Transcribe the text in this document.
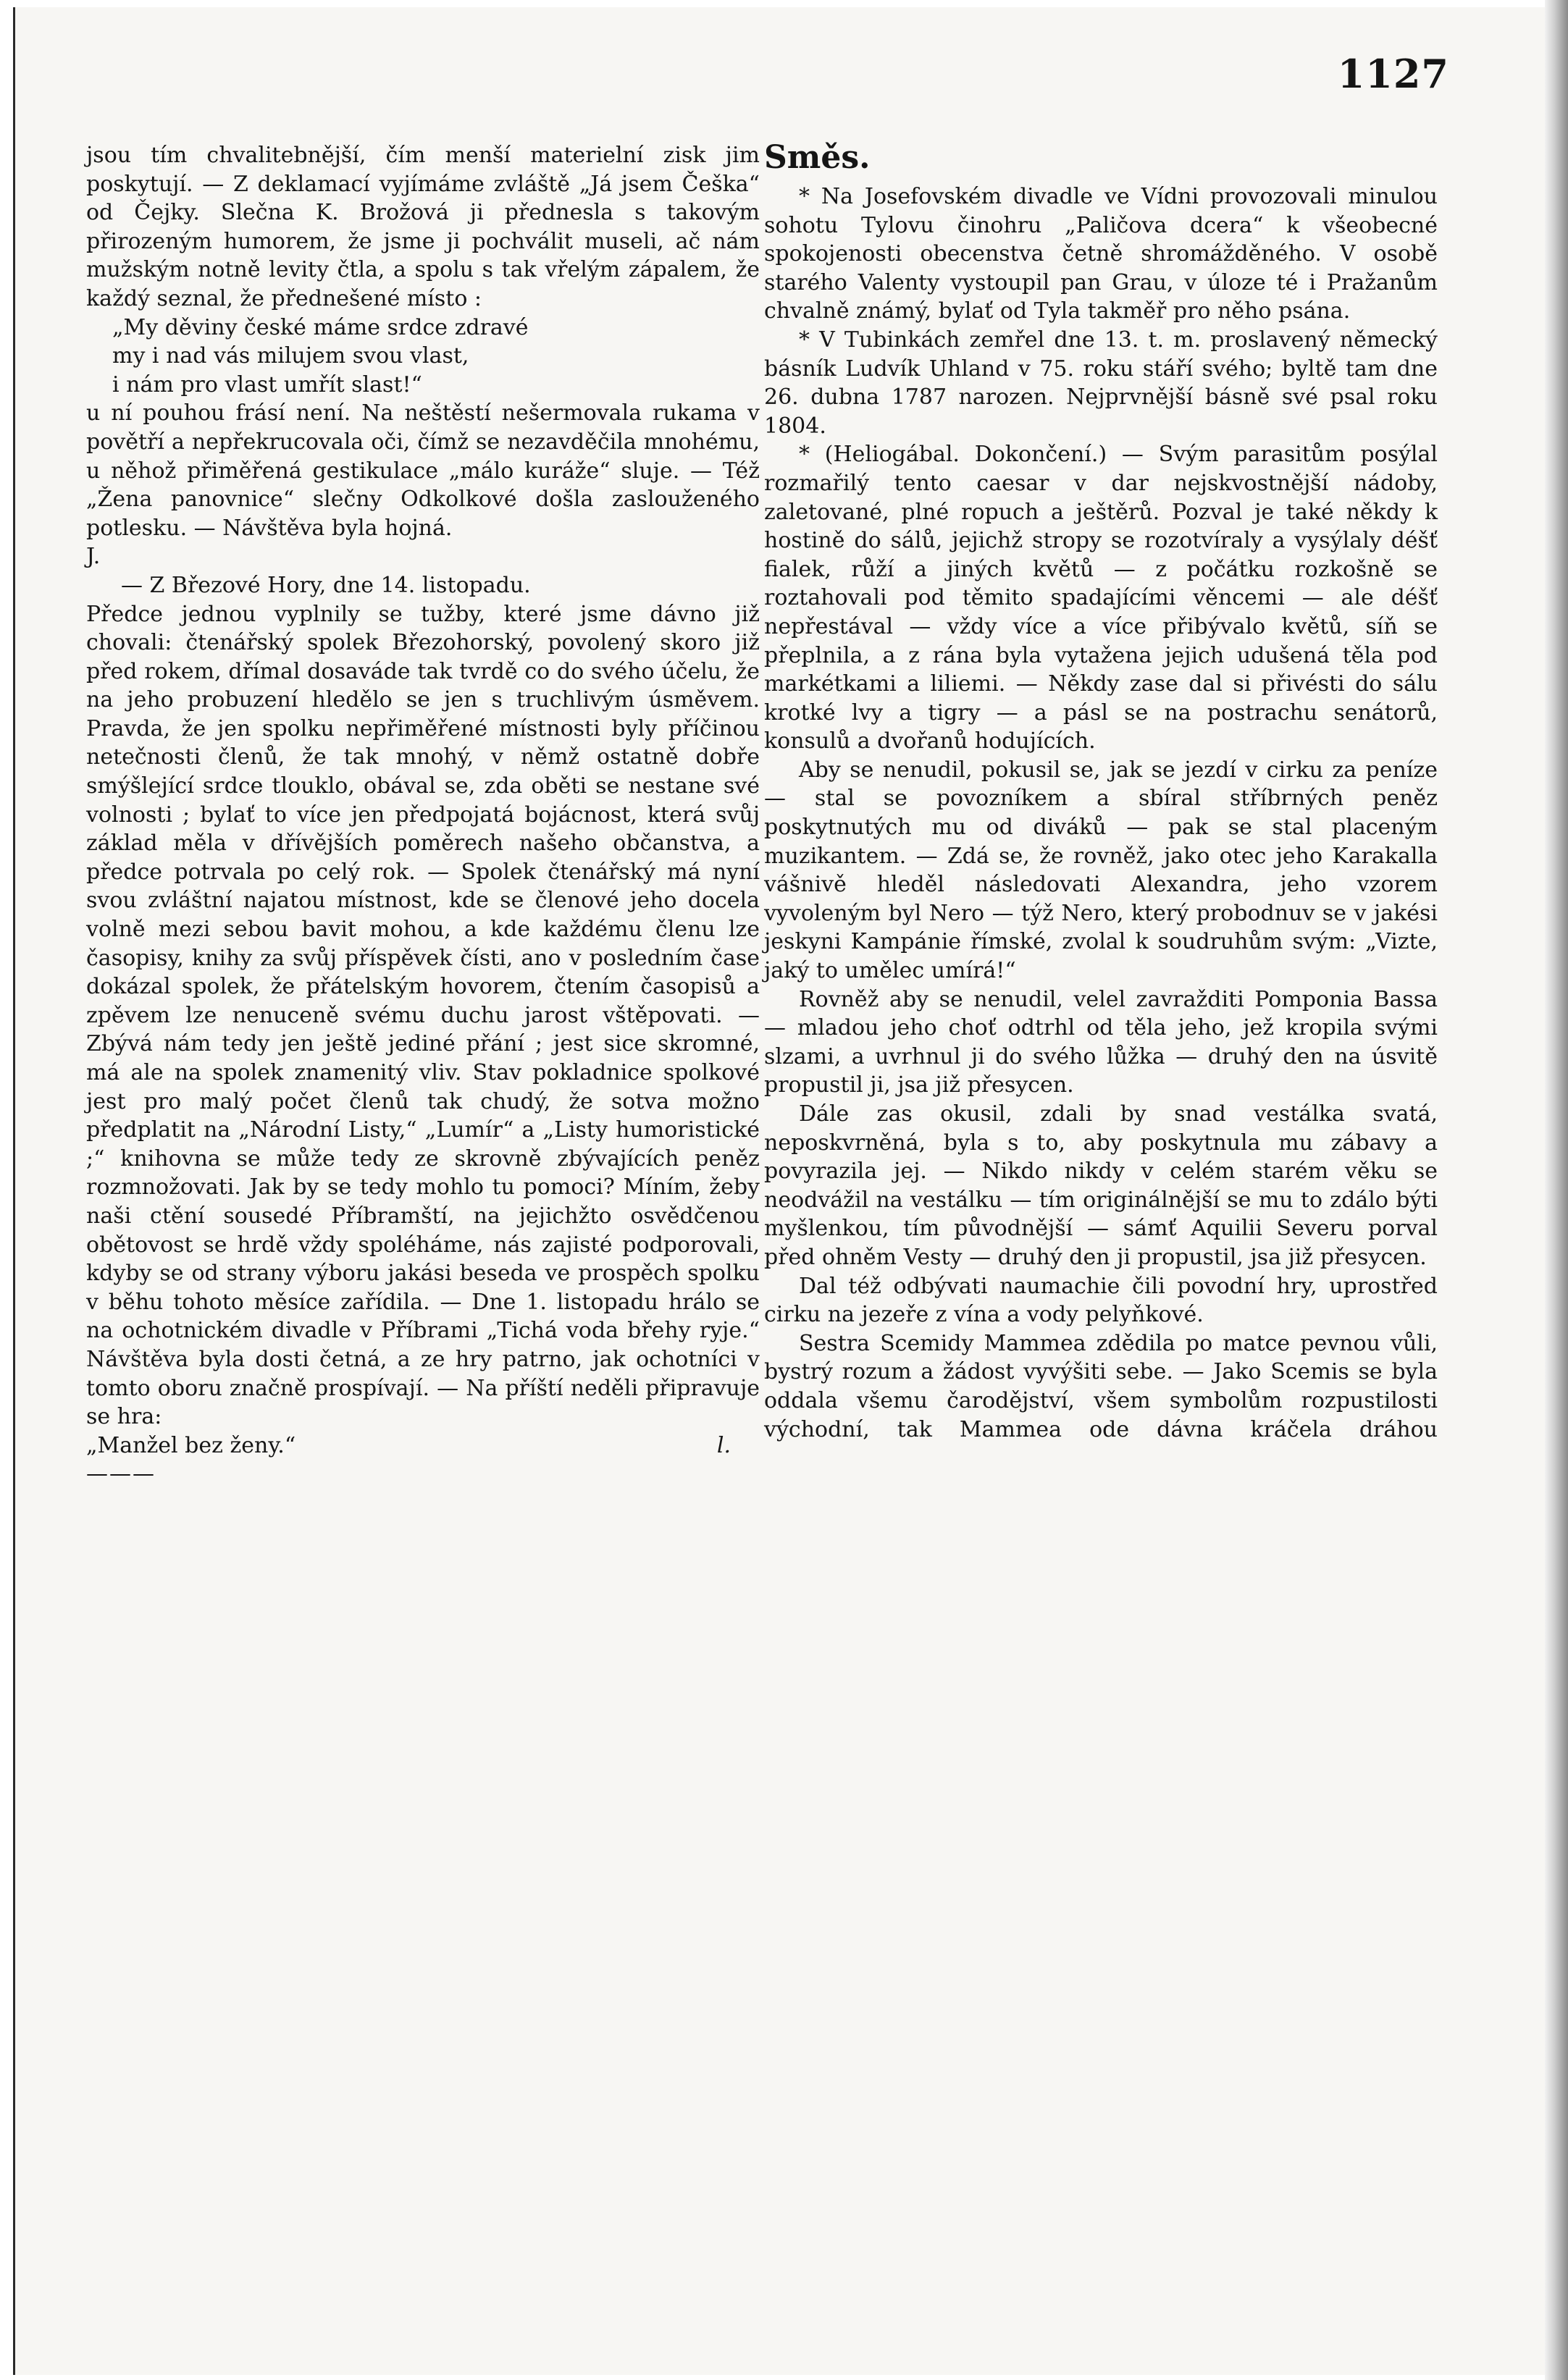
1127

jsou tím chvalitebnější, čím menší materielní zisk jim poskytují. — Z deklamací vyjímáme zvláště „Já jsem Češka“ od Čejky. Slečna K. Brožová ji přednesla s takovým přirozeným humorem, že jsme ji pochválit museli, ač nám mužským notně levity čtla, a spolu s tak vřelým zápalem, že každý seznal, že přednešené místo :

„My děviny české máme srdce zdravé
my i nad vás milujem svou vlast,
i nám pro vlast umřít slast!“

u ní pouhou frásí není. Na neštěstí nešermovala rukama v povětří a nepřekrucovala oči, čímž se nezavděčila mnohému, u něhož přiměřená gestikulace „málo kuráže“ sluje. — Též „Žena panovnice“ slečny Odkolkové došla zaslouženého potlesku. — Návštěva byla hojná.

J.

— Z Březové Hory, dne 14. listopadu.

Předce jednou vyplnily se tužby, které jsme dávno již chovali: čtenářský spolek Březohorský, povolený skoro již před rokem, dřímal dosaváde tak tvrdě co do svého účelu, že na jeho probuzení hledělo se jen s truchlivým úsměvem. Pravda, že jen spolku nepřiměřené místnosti byly příčinou netečnosti členů, že tak mnohý, v němž ostatně dobře smýšlející srdce tlouklo, obával se, zda oběti se nestane své volnosti ; bylať to více jen předpojatá bojácnost, která svůj základ měla v dřívějších poměrech našeho občanstva, a předce potrvala po celý rok. — Spolek čtenářský má nyní svou zvláštní najatou místnost, kde se členové jeho docela volně mezi sebou bavit mohou, a kde každému členu lze časopisy, knihy za svůj příspěvek čísti, ano v posledním čase dokázal spolek, že přátelským hovorem, čtením časopisů a zpěvem lze nenuceně svému duchu jarost vštěpovati. — Zbývá nám tedy jen ještě jediné přání ; jest sice skromné, má ale na spolek znamenitý vliv. Stav pokladnice spolkové jest pro malý počet členů tak chudý, že sotva možno předplatit na „Národní Listy,“ „Lumír“ a „Listy humoristické ;“ knihovna se může tedy ze skrovně zbývajících peněz rozmnožovati. Jak by se tedy mohlo tu pomoci? Míním, žeby naši ctění sousedé Příbramští, na jejichžto osvědčenou obětovost se hrdě vždy spoléháme, nás zajisté podporovali, kdyby se od strany výboru jakási beseda ve prospěch spolku v běhu tohoto měsíce zařídila. — Dne 1. listopadu hrálo se na ochotnickém divadle v Příbrami „Tichá voda břehy ryje.“ Návštěva byla dosti četná, a ze hry patrno, jak ochotníci v tomto oboru značně prospívají. — Na příští neděli připravuje se hra:

„Manžel bez ženy.“	l.

———

Směs.

* Na Josefovském divadle ve Vídni provozovali minulou sohotu Tylovu činohru „Paličova dcera“ k všeobecné spokojenosti obecenstva četně shromážděného. V osobě starého Valenty vystoupil pan Grau, v úloze té i Pražanům chvalně známý, bylať od Tyla takměř pro něho psána.

* V Tubinkách zemřel dne 13. t. m. proslavený německý básník Ludvík Uhland v 75. roku stáří svého; byltě tam dne 26. dubna 1787 narozen. Nejprvnější básně své psal roku 1804.

* (Heliogábal. Dokončení.) — Svým parasitům posýlal rozmařilý tento caesar v dar nejskvostnější nádoby, zaletované, plné ropuch a ještěrů. Pozval je také někdy k hostině do sálů, jejichž stropy se rozotvíraly a vysýlaly déšť fialek, růží a jiných květů — z počátku rozkošně se roztahovali pod těmito spadajícími věncemi — ale déšť nepřestával — vždy více a více přibývalo květů, síň se přeplnila, a z rána byla vytažena jejich udušená těla pod markétkami a liliemi. — Někdy zase dal si přivésti do sálu krotké lvy a tigry — a pásl se na postrachu senátorů, konsulů a dvořanů hodujících.

Aby se nenudil, pokusil se, jak se jezdí v cirku za peníze — stal se povozníkem a sbíral stříbrných peněz poskytnutých mu od diváků — pak se stal placeným muzikantem. — Zdá se, že rovněž, jako otec jeho Karakalla vášnivě hleděl následovati Alexandra, jeho vzorem vyvoleným byl Nero — týž Nero, který probodnuv se v jakési jeskyni Kampánie římské, zvolal k soudruhům svým: „Vizte, jaký to umělec umírá!“

Rovněž aby se nenudil, velel zavražditi Pomponia Bassa — mladou jeho choť odtrhl od těla jeho, jež kropila svými slzami, a uvrhnul ji do svého lůžka — druhý den na úsvitě propustil ji, jsa již přesycen.

Dále zas okusil, zdali by snad vestálka svatá, neposkvrněná, byla s to, aby poskytnula mu zábavy a povyrazila jej. — Nikdo nikdy v celém starém věku se neodvážil na vestálku — tím originálnější se mu to zdálo býti myšlenkou, tím původnější — sámť Aquilii Severu porval před ohněm Vesty — druhý den ji propustil, jsa již přesycen.

Dal též odbývati naumachie čili povodní hry, uprostřed cirku na jezeře z vína a vody pelyňkové.

Sestra Scemidy Mammea zdědila po matce pevnou vůli, bystrý rozum a žádost vyvýšiti sebe. — Jako Scemis se byla oddala všemu čarodějství, všem symbolům rozpustilosti východní, tak Mammea ode dávna kráčela dráhou
